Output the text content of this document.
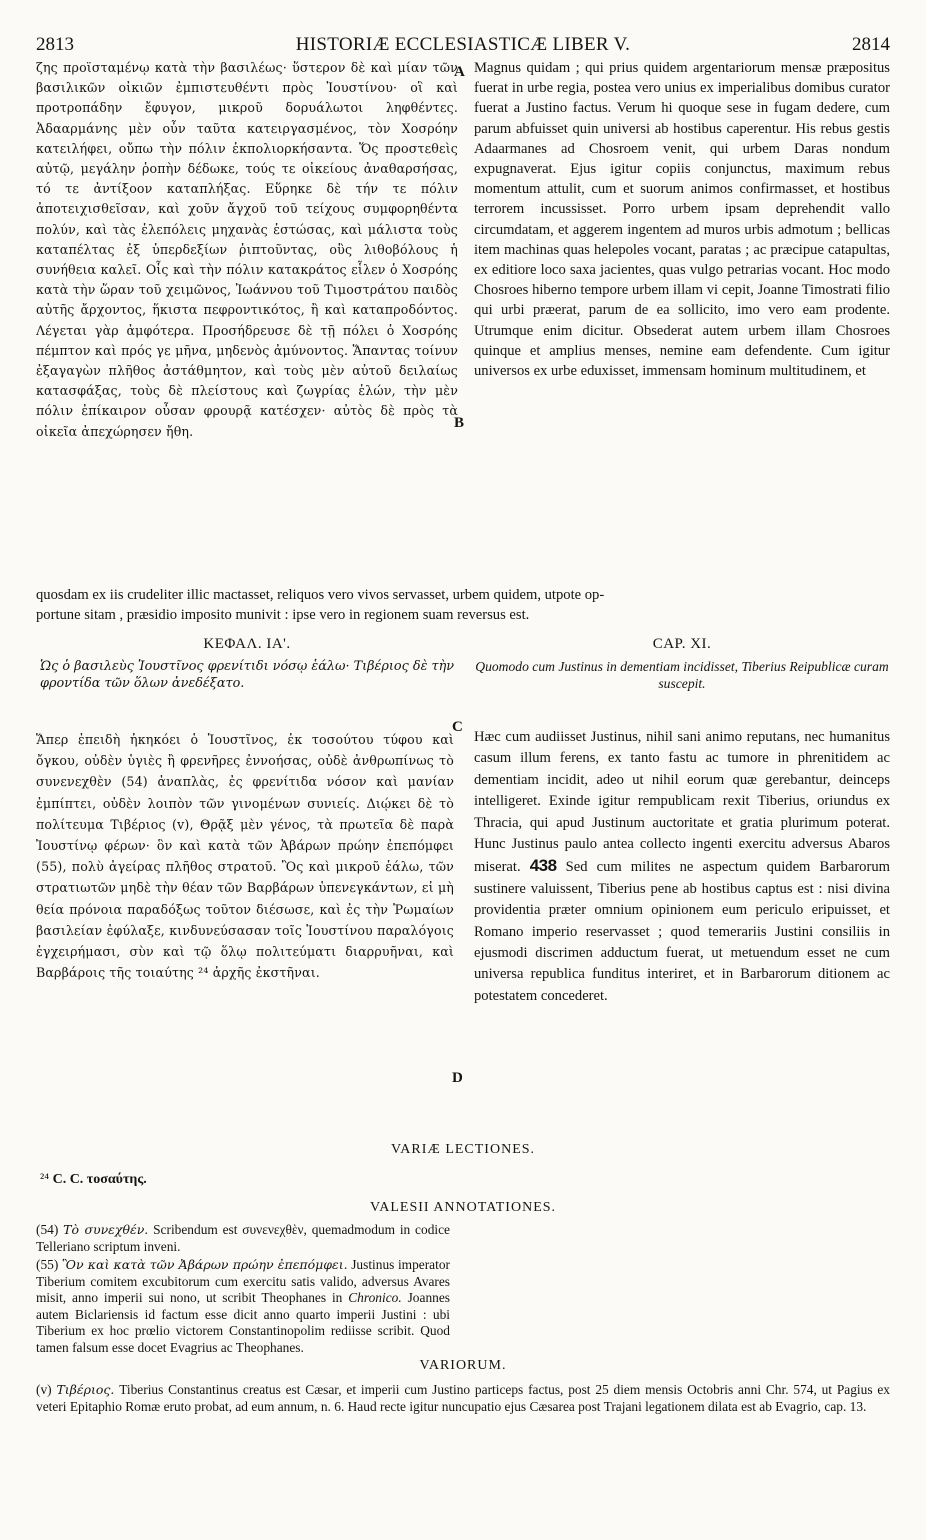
2813	HISTORIÆ ECCLESIASTICÆ LIBER V.	2814

ζης προϊσταμένῳ κατὰ τὴν βασιλέως· ὕστερον δὲ καὶ μίαν τῶν βασιλικῶν οἰκιῶν ἐμπιστευθέντι πρὸς Ἰουστίνου· οἳ καὶ προτροπάδην ἔφυγον, μικροῦ δορυάλωτοι ληφθέντες. Ἀδααρμάνης μὲν οὖν ταῦτα κατειργασμένος, τὸν Χοσρόην κατειλήφει, οὔπω τὴν πόλιν ἐκπολιορκήσαντα. Ὅς προστεθεὶς αὐτῷ, μεγάλην ῥοπὴν δέδωκε, τούς τε οἰκείους ἀναθαρσήσας, τό τε ἀντίξοον καταπλήξας. Εὕρηκε δὲ τήν τε πόλιν ἀποτειχισθεῖσαν, καὶ χοῦν ἄγχοῦ τοῦ τείχους συμφορηθέντα πολύν, καὶ τὰς ἑλεπόλεις μηχανὰς ἑστώσας, καὶ μάλιστα τοὺς καταπέλτας ἐξ ὑπερδεξίων ῥιπτοῦντας, οὓς λιθοβόλους ἡ συνήθεια καλεῖ. Οἷς καὶ τὴν πόλιν κατακράτος εἷλεν ὁ Χοσρόης κατὰ τὴν ὥραν τοῦ χειμῶνος, Ἰωάννου τοῦ Τιμοστράτου παιδὸς αὐτῆς ἄρχοντος, ἥκιστα πεφροντικότος, ἢ καὶ καταπροδόντος. Λέγεται γὰρ ἀμφότερα. Προσήδρευσε δὲ τῇ πόλει ὁ Χοσρόης πέμπτον καὶ πρός γε μῆνα, μηδενὸς ἀμύνοντος. Ἅπαντας τοίνυν ἐξαγαγὼν πλῆθος ἀστάθμητον, καὶ τοὺς μὲν αὐτοῦ δειλαίως κατασφάξας, τοὺς δὲ πλείστους καὶ ζωγρίας ἑλών, τὴν μὲν πόλιν ἐπίκαιρον οὖσαν φρουρᾷ κατέσχεν· αὐτὸς δὲ πρὸς τὰ οἰκεῖα ἀπεχώρησεν ἤθη.

A
B

Magnus quidam ; qui prius quidem argentariorum mensæ præpositus fuerat in urbe regia, postea vero unius ex imperialibus domibus curator fuerat a Justino factus. Verum hi quoque sese in fugam dedere, cum parum abfuisset quin universi ab hostibus caperentur. His rebus gestis Adaarmanes ad Chosroem venit, qui urbem Daras nondum expugnaverat. Ejus igitur copiis conjunctus, maximum rebus momentum attulit, cum et suorum animos confirmasset, et hostibus terrorem incussisset. Porro urbem ipsam deprehendit vallo circumdatam, et aggerem ingentem ad muros urbis admotum ; bellicas item machinas quas helepoles vocant, paratas ; ac præcipue catapultas, ex editiore loco saxa jacientes, quas vulgo petrarias vocant. Hoc modo Chosroes hiberno tempore urbem illam vi cepit, Joanne Timostrati filio qui urbi præerat, parum de ea sollicito, imo vero eam prodente. Utrumque enim dicitur. Obsederat autem urbem illam Chosroes quinque et amplius menses, nemine eam defendente. Cum igitur universos ex urbe eduxisset, immensam hominum multitudinem, et

quosdam ex iis crudeliter illic mactasset, reliquos vero vivos servasset, urbem quidem, utpote op-
portune sitam , præsidio imposito munivit : ipse vero in regionem suam reversus est.
ΚΕΦΑΛ. ΙΑ'.	CAP. XI.
Ὡς ὁ βασιλεὺς Ἰουστῖνος φρενίτιδι νόσῳ ἑάλω· Τιβέριος δὲ τὴν φροντίδα τῶν ὅλων ἀνεδέξατο.
Quomodo cum Justinus in dementiam incidisset, Tiberius Reipublicæ curam suscepit.

Ἅπερ ἐπειδὴ ἠκηκόει ὁ Ἰουστῖνος, ἐκ τοσούτου τύφου καὶ ὄγκου, οὐδὲν ὑγιὲς ἢ φρενῆρες ἐννοήσας, οὐδὲ ἀνθρωπίνως τὸ συνενεχθὲν (54) ἀναπλὰς, ἐς φρενίτιδα νόσον καὶ μανίαν ἐμπίπτει, οὐδὲν λοιπὸν τῶν γινομένων συνιείς. Διῴκει δὲ τὸ πολίτευμα Τιβέριος (v), Θρᾷξ μὲν γένος, τὰ πρωτεῖα δὲ παρὰ Ἰουστίνῳ φέρων· ὃν καὶ κατὰ τῶν Ἀβάρων πρώην ἐπεπόμφει (55), πολὺ ἀγείρας πλῆθος στρατοῦ. Ὃς καὶ μικροῦ ἑάλω, τῶν στρατιωτῶν μηδὲ τὴν θέαν τῶν Βαρβάρων ὑπενεγκάντων, εἰ μὴ θεία πρόνοια παραδόξως τοῦτον διέσωσε, καὶ ἐς τὴν Ῥωμαίων βασιλείαν ἐφύλαξε, κινδυνεύσασαν τοῖς Ἰουστίνου παραλόγοις ἐγχειρήμασι, σὺν καὶ τῷ ὅλῳ πολιτεύματι διαρρυῆναι, καὶ Βαρβάροις τῆς τοιαύτης ²⁴ ἀρχῆς ἐκστῆναι.

C
D

Hæc cum audiisset Justinus, nihil sani animo reputans, nec humanitus casum illum ferens, ex tanto fastu ac tumore in phrenitidem ac dementiam incidit, adeo ut nihil eorum quæ gerebantur, deinceps intelligeret. Exinde igitur rempublicam rexit Tiberius, oriundus ex Thracia, qui apud Justinum auctoritate et gratia plurimum poterat. Hunc Justinus paulo antea collecto ingenti exercitu adversus Abaros miserat. 438 Sed cum milites ne aspectum quidem Barbarorum sustinere valuissent, Tiberius pene ab hostibus captus est : nisi divina providentia præter omnium opinionem eum periculo eripuisset, et Romano imperio reservasset ; quod temerariis Justini consiliis in ejusmodi discrimen adductum fuerat, ut metuendum esset ne cum universa republica funditus interiret, et in Barbarorum ditionem ac potestatem concederet.

VARIÆ LECTIONES.
²⁴ C. C. τοσαύτης.
VALESII ANNOTATIONES.

(54) Τὸ συνεχθέν. Scribendum est συνενεχθὲν, quemadmodum in codice Telleriano scriptum inveni.

(55) Ὃν καὶ κατὰ τῶν Ἀβάρων πρώην ἐπεπόμφει. Justinus imperator Tiberium comitem excubitorum cum exercitu satis valido, adversus Avares misit, anno imperii sui nono, ut scribit Theophanes in Chronico. Joannes autem Biclariensis id factum esse dicit anno quarto imperii Justini : ubi Tiberium ex hoc prœlio victorem Constantinopolim rediisse scribit. Quod tamen falsum esse docet Evagrius ac Theophanes.

VARIORUM.

(v) Τιβέριος. Tiberius Constantinus creatus est Cæsar, et imperii cum Justino particeps factus, post 25 diem mensis Octobris anni Chr. 574, ut Pagius ex veteri Epitaphio Romæ eruto probat, ad eum annum, n. 6. Haud recte igitur nuncupatio ejus Cæsarea post Trajani legationem dilata est ab Evagrio, cap. 13.
